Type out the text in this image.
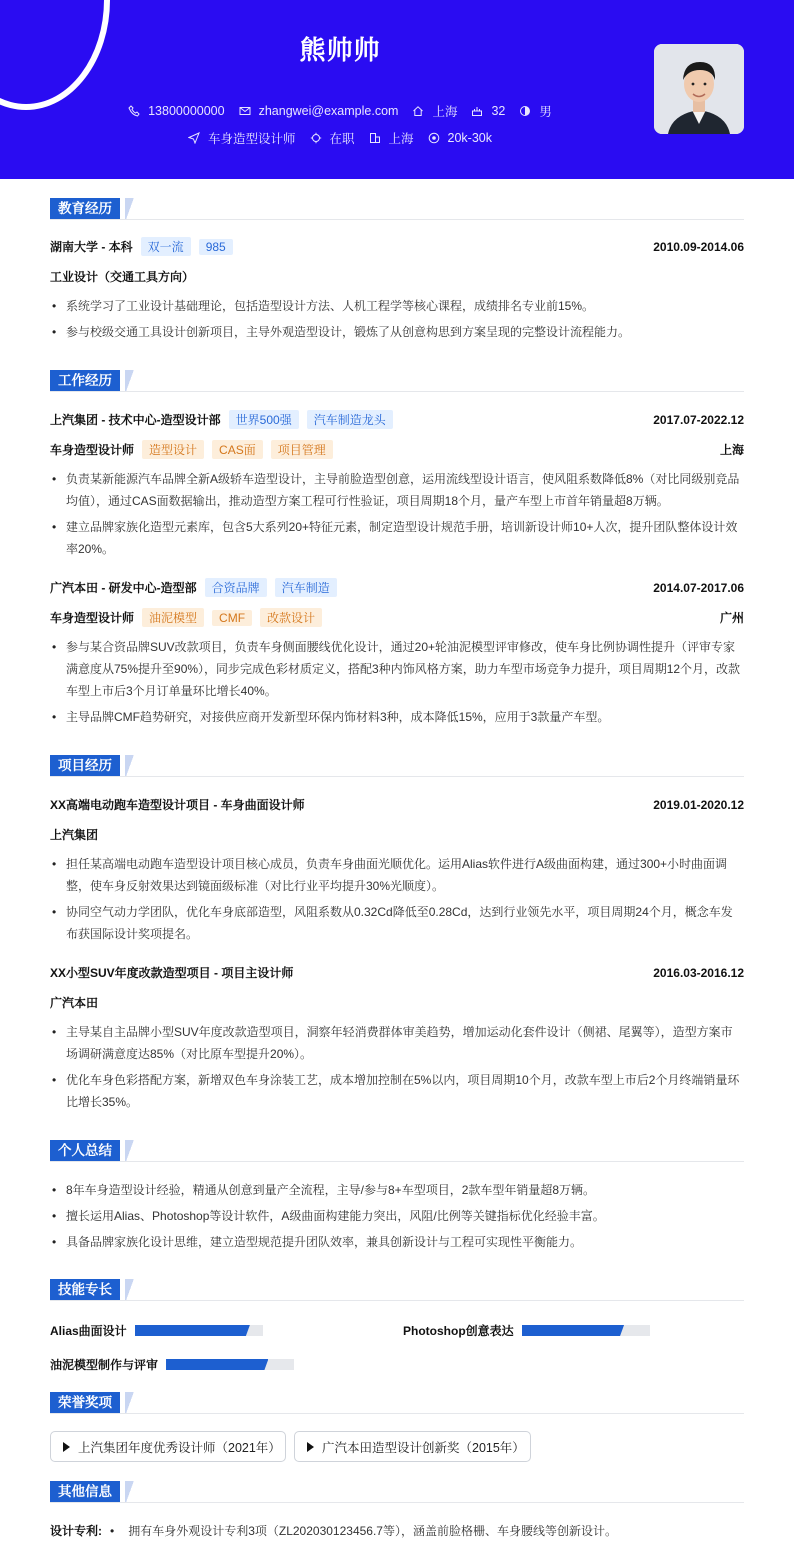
熊帅帅
13800000000	zhangwei@example.com	上海	32	男
车身造型设计师	在职	上海	20k-30k
教育经历
湖南大学 - 本科	双一流	985	2010.09-2014.06
工业设计（交通工具方向）
• 系统学习了工业设计基础理论，包括造型设计方法、人机工程学等核心课程，成绩排名专业前15%。
• 参与校级交通工具设计创新项目，主导外观造型设计，锻炼了从创意构思到方案呈现的完整设计流程能力。
工作经历
上汽集团 - 技术中心-造型设计部	世界500强	汽车制造龙头	2017.07-2022.12
车身造型设计师	造型设计	CAS面	项目管理	上海
• 负责某新能源汽车品牌全新A级轿车造型设计，主导前脸造型创意，运用流线型设计语言，使风阻系数降低8%（对比同级别竞品均值），通过CAS面数据输出，推动造型方案工程可行性验证，项目周期18个月，量产车型上市首年销量超8万辆。
• 建立品牌家族化造型元素库，包含5大系列20+特征元素，制定造型设计规范手册，培训新设计师10+人次，提升团队整体设计效率20%。
广汽本田 - 研发中心-造型部	合资品牌	汽车制造	2014.07-2017.06
车身造型设计师	油泥模型	CMF	改款设计	广州
• 参与某合资品牌SUV改款项目，负责车身侧面腰线优化设计，通过20+轮油泥模型评审修改，使车身比例协调性提升（评审专家满意度从75%提升至90%），同步完成色彩材质定义，搭配3种内饰风格方案，助力车型市场竞争力提升，项目周期12个月，改款车型上市后3个月订单量环比增长40%。
• 主导品牌CMF趋势研究，对接供应商开发新型环保内饰材料3种，成本降低15%，应用于3款量产车型。
项目经历
XX高端电动跑车造型设计项目 - 车身曲面设计师	2019.01-2020.12
上汽集团
• 担任某高端电动跑车造型设计项目核心成员，负责车身曲面光顺优化。运用Alias软件进行A级曲面构建，通过300+小时曲面调整，使车身反射效果达到镜面级标准（对比行业平均提升30%光顺度）。
• 协同空气动力学团队，优化车身底部造型，风阻系数从0.32Cd降低至0.28Cd，达到行业领先水平，项目周期24个月，概念车发布获国际设计奖项提名。
XX小型SUV年度改款造型项目 - 项目主设计师	2016.03-2016.12
广汽本田
• 主导某自主品牌小型SUV年度改款造型项目，洞察年轻消费群体审美趋势，增加运动化套件设计（侧裙、尾翼等），造型方案市场调研满意度达85%（对比原车型提升20%）。
• 优化车身色彩搭配方案，新增双色车身涂装工艺，成本增加控制在5%以内，项目周期10个月，改款车型上市后2个月终端销量环比增长35%。
个人总结
• 8年车身造型设计经验，精通从创意到量产全流程，主导/参与8+车型项目，2款车型年销量超8万辆。
• 擅长运用Alias、Photoshop等设计软件，A级曲面构建能力突出，风阻/比例等关键指标优化经验丰富。
• 具备品牌家族化设计思维，建立造型规范提升团队效率，兼具创新设计与工程可实现性平衡能力。
技能专长
Alias曲面设计	Photoshop创意表达
油泥模型制作与评审
荣誉奖项
上汽集团年度优秀设计师（2021年）	广汽本田造型设计创新奖（2015年）
其他信息
设计专利: • 拥有车身外观设计专利3项（ZL202030123456.7等），涵盖前脸格栅、车身腰线等创新设计。
